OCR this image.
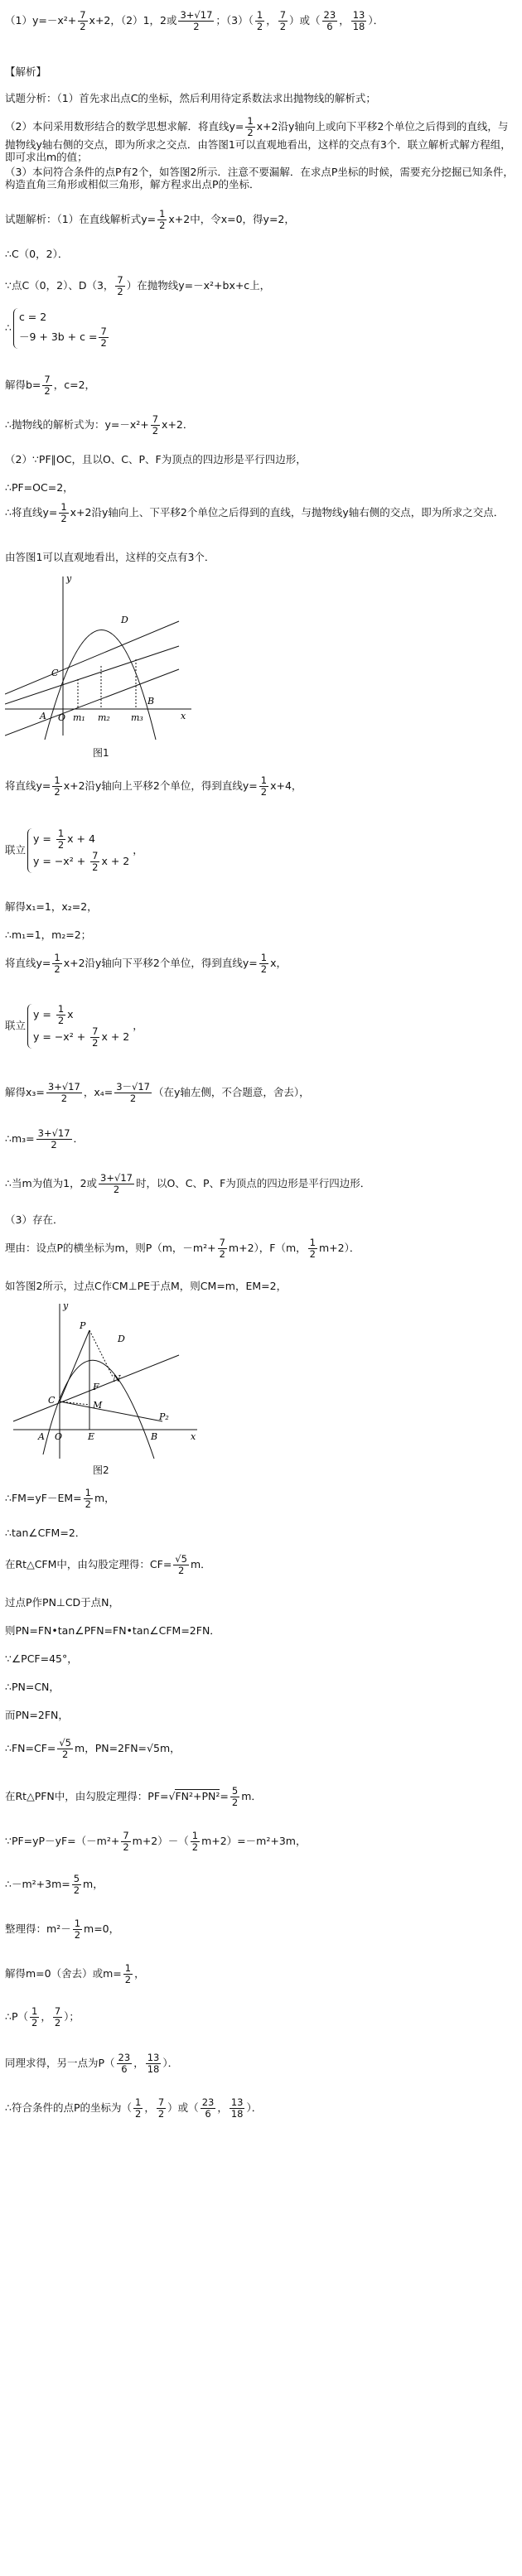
$(1)y=-x^2+ \frac{7}{2} x+2$，（2）1，2或 $\frac{3+√17}{2}$ ；$(3)( \frac{1}{2}$ ， $\frac{7}{2}$ ）或（ $\frac{23}{6}$ ， $\frac{13}{18}$ ）．
【解析】
试题分析：（1）首先求出点C的坐标，然后利用待定系数法求出抛物线的解析式；
（2）本问采用数形结合的数学思想求解．将直线$y= \frac{1}{2} x+2$沿y轴向上或向下平移2个单位之后得到的直线，与抛物线y轴右侧的交点，即为所求之交点．由答图1可以直观地看出，这样的交点有3个．联立解析式解方程组，即可求出m的值；
（3）本问符合条件的点P有2个，如答图2所示．注意不要漏解．在求点P坐标的时候，需要充分挖掘已知条件，构造直角三角形或相似三角形，解方程求出点P的坐标．
试题解析：（1）在直线解析式$y= \frac{1}{2} x+2$中，令x=0，得y=2，
∴C（0，2）．
∵点C（0，2）、D（3， $\frac{7}{2}$ ）在抛物线y=－x²+bx+c上，
∴
c = 2
$-9 + 3b + c = \frac{7}{2}$
解得$b= \frac{7}{2}$ ，c=2，
∴抛物线的解析式为：$y=-x^2+ \frac{7}{2} x+2$．
（2）∵PF∥OC，且以O、C、P、F为顶点的四边形是平行四边形，
∴PF=OC=2，
∴将直线$y= \frac{1}{2} x+2$沿y轴向上、下平移2个单位之后得到的直线，与抛物线y轴右侧的交点，即为所求之交点．
由答图1可以直观地看出，这样的交点有3个．
y
D
C
A O m₁ m₂ m₃
B
x
图1
将直线$y= \frac{1}{2} x+2$沿y轴向上平移2个单位，得到直线$y= \frac{1}{2} x+4$，
联立
$y = \frac{1}{2}$ x + 4
$y = -x^2 + \frac{7}{2}$ x + 2
，
解得x₁=1，x₂=2，
∴m₁=1，m₂=2；
将直线$y= \frac{1}{2} x+2$沿y轴向下平移2个单位，得到直线$y= \frac{1}{2}$ x，
联立
$y = \frac{1}{2}$ x
$y = -x^2 + \frac{7}{2}$ x + 2
，
解得$x_3= \frac{3+√17}{2}$ ，$x_4= \frac{3-√17}{2}$ （在y轴左侧，不合题意，舍去），
∴m₃= $\frac{3+√17}{2}$ ．
∴当m为值为1，2或 $\frac{3+√17}{2}$ 时，以O、C、P、F为顶点的四边形是平行四边形．
（3）存在．
理由：设点P的横坐标为m，则P（m，$-m^2+ \frac{7}{2} m+2$），F（m， $\frac{1}{2} m+2$）．
如答图2所示，过点C作CM⊥PE于点M，则CM=m，EM=2，
y
P
D
N
F
M
C
A O	E	B	x
P₂
图2
∴FM=yF－EM= $\frac{1}{2}$ m，
∴tan∠CFM=2．
在Rt△CFM中，由勾股定理得：$CF= \frac{√5}{2}$ m．
过点P作PN⊥CD于点N，
则PN=FN•tan∠PFN=FN•tan∠CFM=2FN．
∵∠PCF=45°，
∴PN=CN，
而PN=2FN，
∴FN=CF= $\frac{√5}{2}$ m，PN=2FN=√5m，
在Rt△PFN中，由勾股定理得：$PF=√FN^2+PN^2= \frac{5}{2}$ m．
∵PF=yP－yF=（－m²+ $\frac{7}{2} m+2)-( \frac{1}{2} m+2)=-m^2+3m$，
∴－m²+3m= $\frac{5}{2}$ m，
整理得：$m^2- \frac{1}{2} m=0$，
解得m=0（舍去）或$m= \frac{1}{2}$ ，
∴P（ $\frac{1}{2}$ ， $\frac{7}{2}$ ）；
同理求得，另一点为$P( \frac{23}{6}$ ， $\frac{13}{18}$ ）．
∴符合条件的点P的坐标为（ $\frac{1}{2}$ ， $\frac{7}{2}$ ）或（ $\frac{23}{6}$ ， $\frac{13}{18}$ ）．
